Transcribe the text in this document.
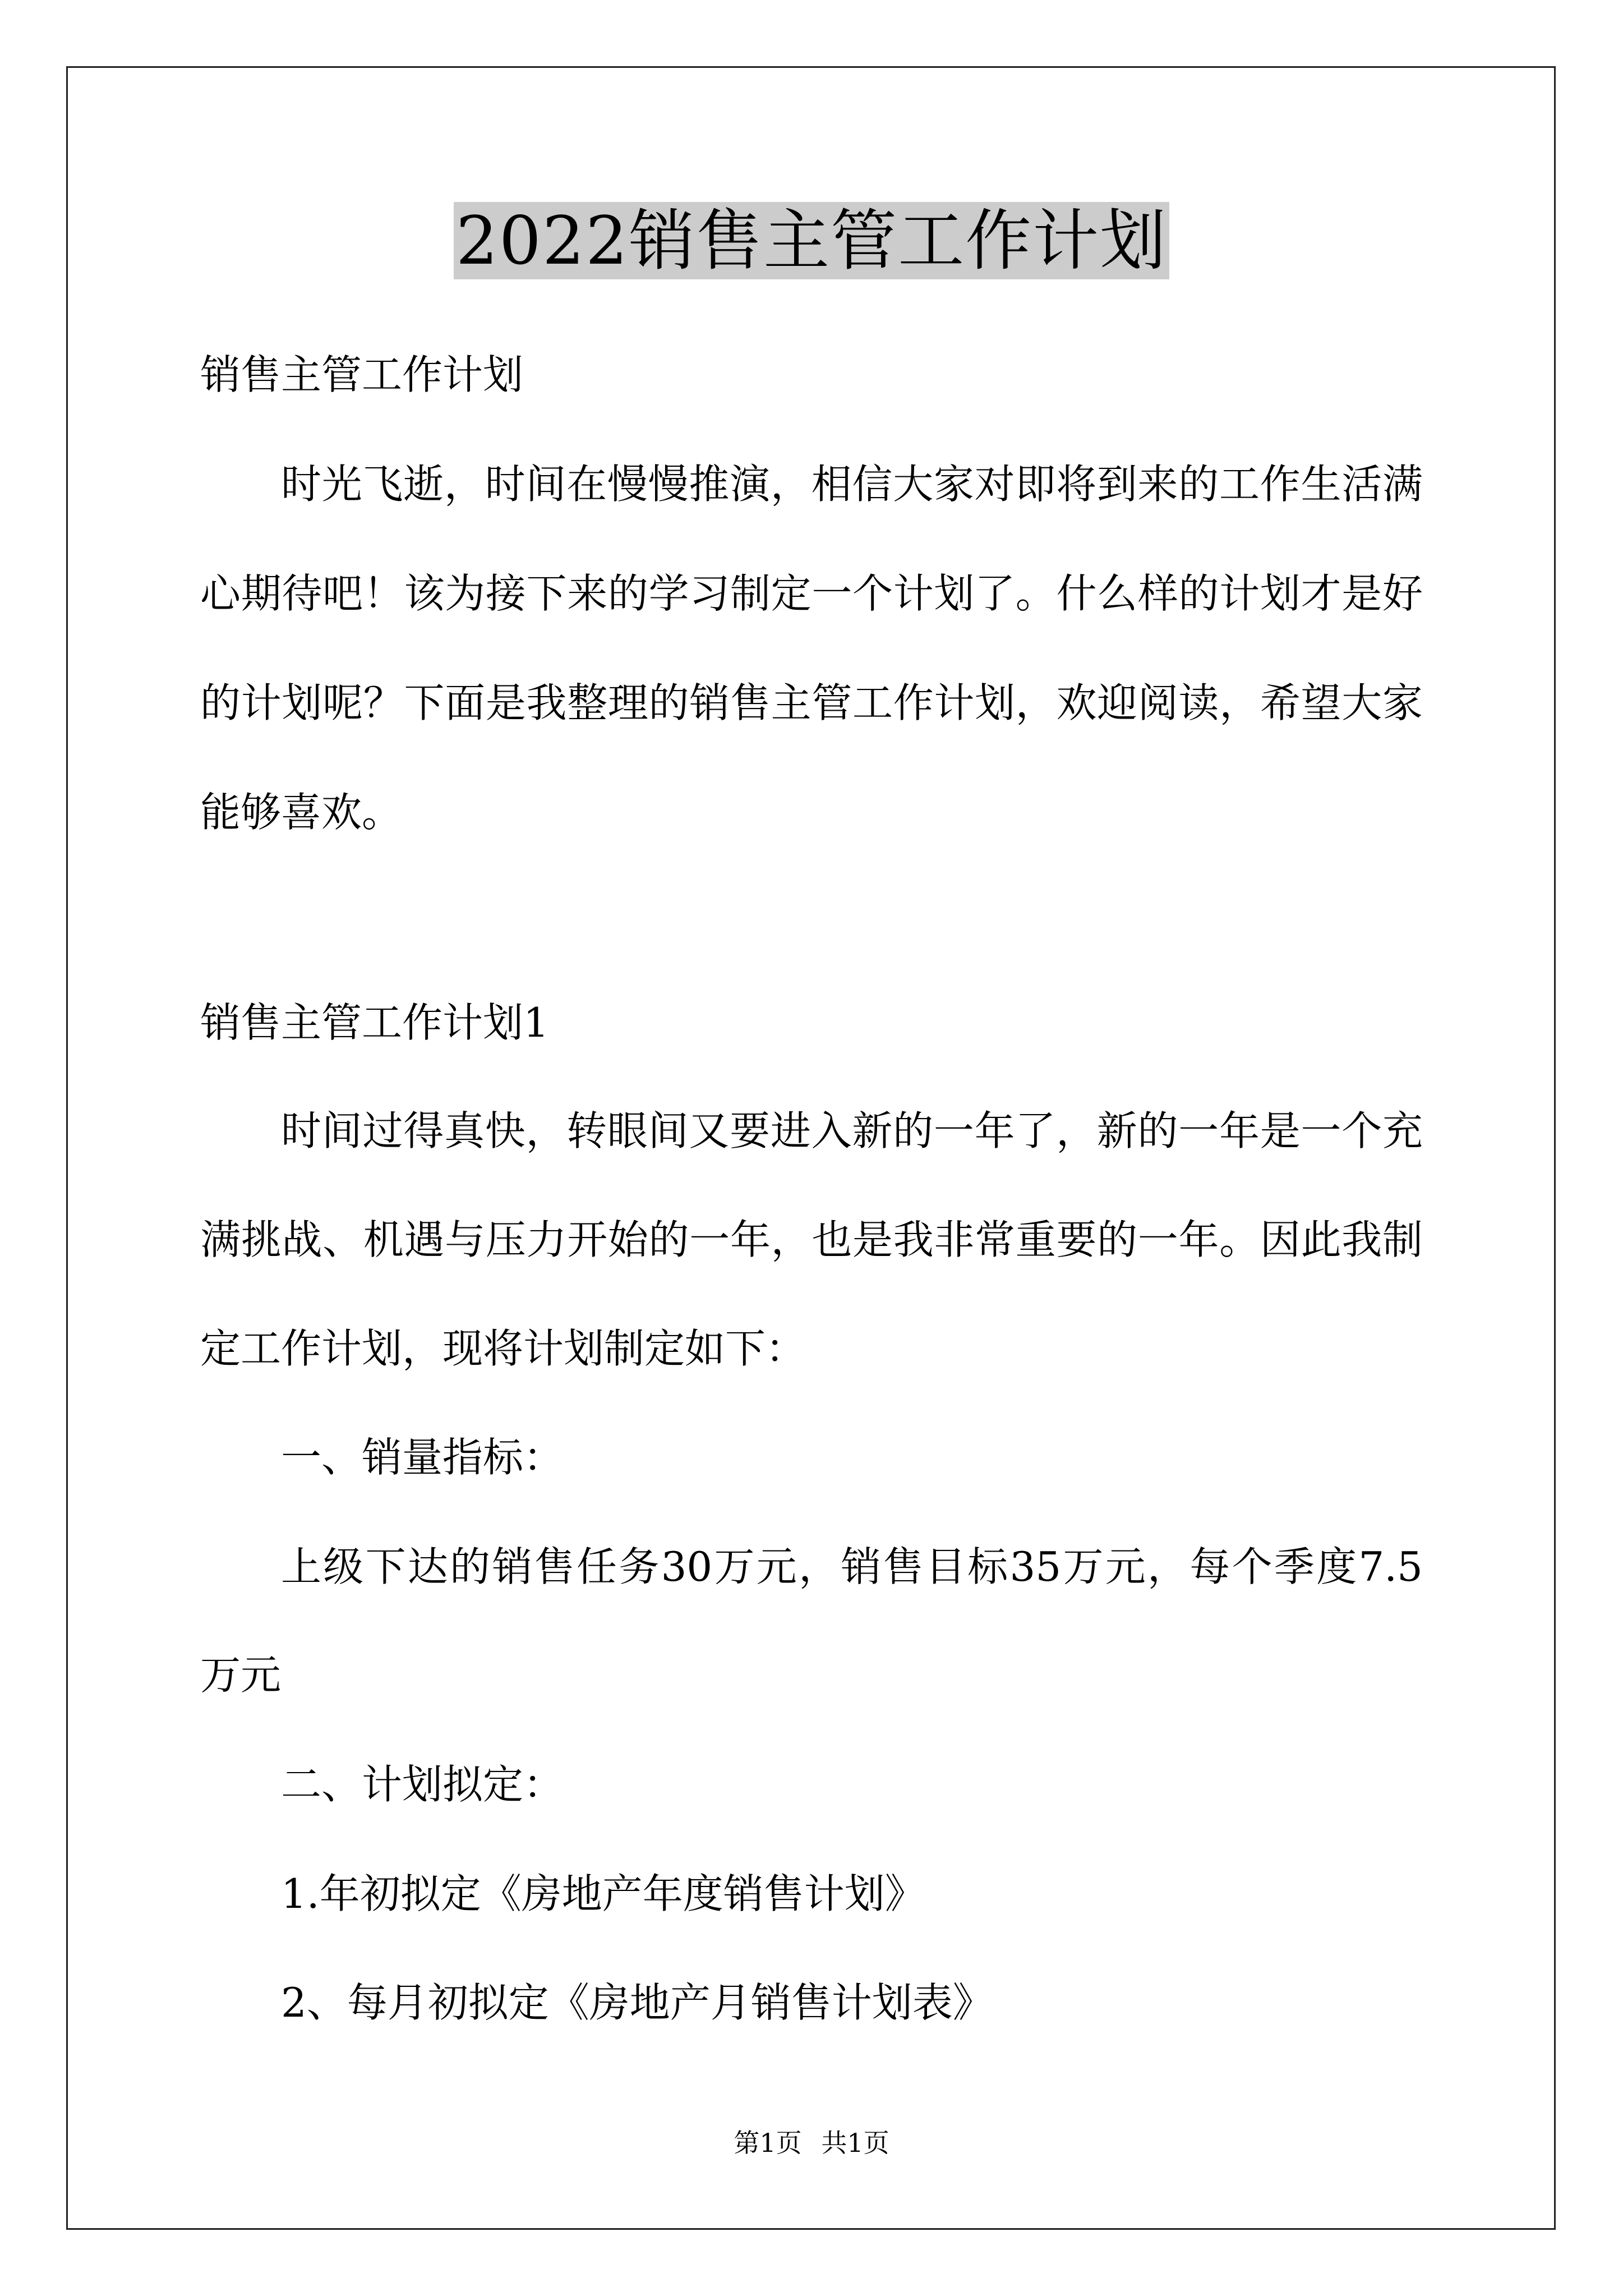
2022销售主管工作计划
销售主管工作计划
时光飞逝，时间在慢慢推演，相信大家对即将到来的工作生活满
心期待吧！该为接下来的学习制定一个计划了。什么样的计划才是好
的计划呢？下面是我整理的销售主管工作计划，欢迎阅读，希望大家
能够喜欢。
销售主管工作计划1
时间过得真快，转眼间又要进入新的一年了，新的一年是一个充
满挑战、机遇与压力开始的一年，也是我非常重要的一年。因此我制
定工作计划，现将计划制定如下：
一、销量指标：
上级下达的销售任务30万元，销售目标35万元，每个季度7.5
万元
二、计划拟定：
1.年初拟定《房地产年度销售计划》
2、每月初拟定《房地产月销售计划表》
第1页 共1页
